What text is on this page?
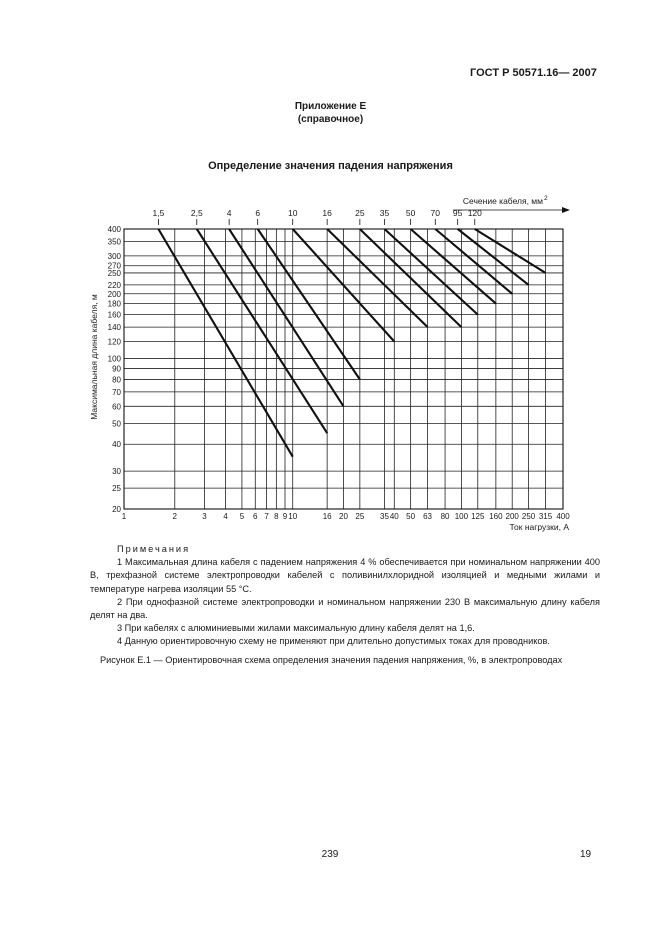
ГОСТ Р 50571.16— 2007
Приложение Е
(справочное)
Определение значения падения напряжения
1	2	3 4 5 6 7 8 9 10	16 20 25 35 40 50 63 80 100 125 160 200 250 315 400
20
25
30
40
50
60
70
80
90
100
120
140
160
180
200
220
250
270
300
350
400
1,5	2,5	4	6	10	16	25 35 50 70 95 120
Максимальная длина кабеля, м
Ток нагрузки, А
Сечение кабеля, мм 2

Примечания

1 Максимальная длина кабеля с падением напряжения 4 % обеспечивается при номинальном напряжении 400 В, трехфазной системе электропроводки кабелей с поливинилхлоридной изоляцией и медными жилами и температуре нагрева изоляции 55 °С.

2 При однофазной системе электропроводки и номинальном напряжении 230 В максимальную длину кабеля делят на два.

3 При кабелях с алюминиевыми жилами максимальную длину кабеля делят на 1,6.

4 Данную ориентировочную схему не применяют при длительно допустимых токах для проводников.

Рисунок Е.1 — Ориентировочная схема определения значения падения напряжения, %, в электропроводах
239	19
